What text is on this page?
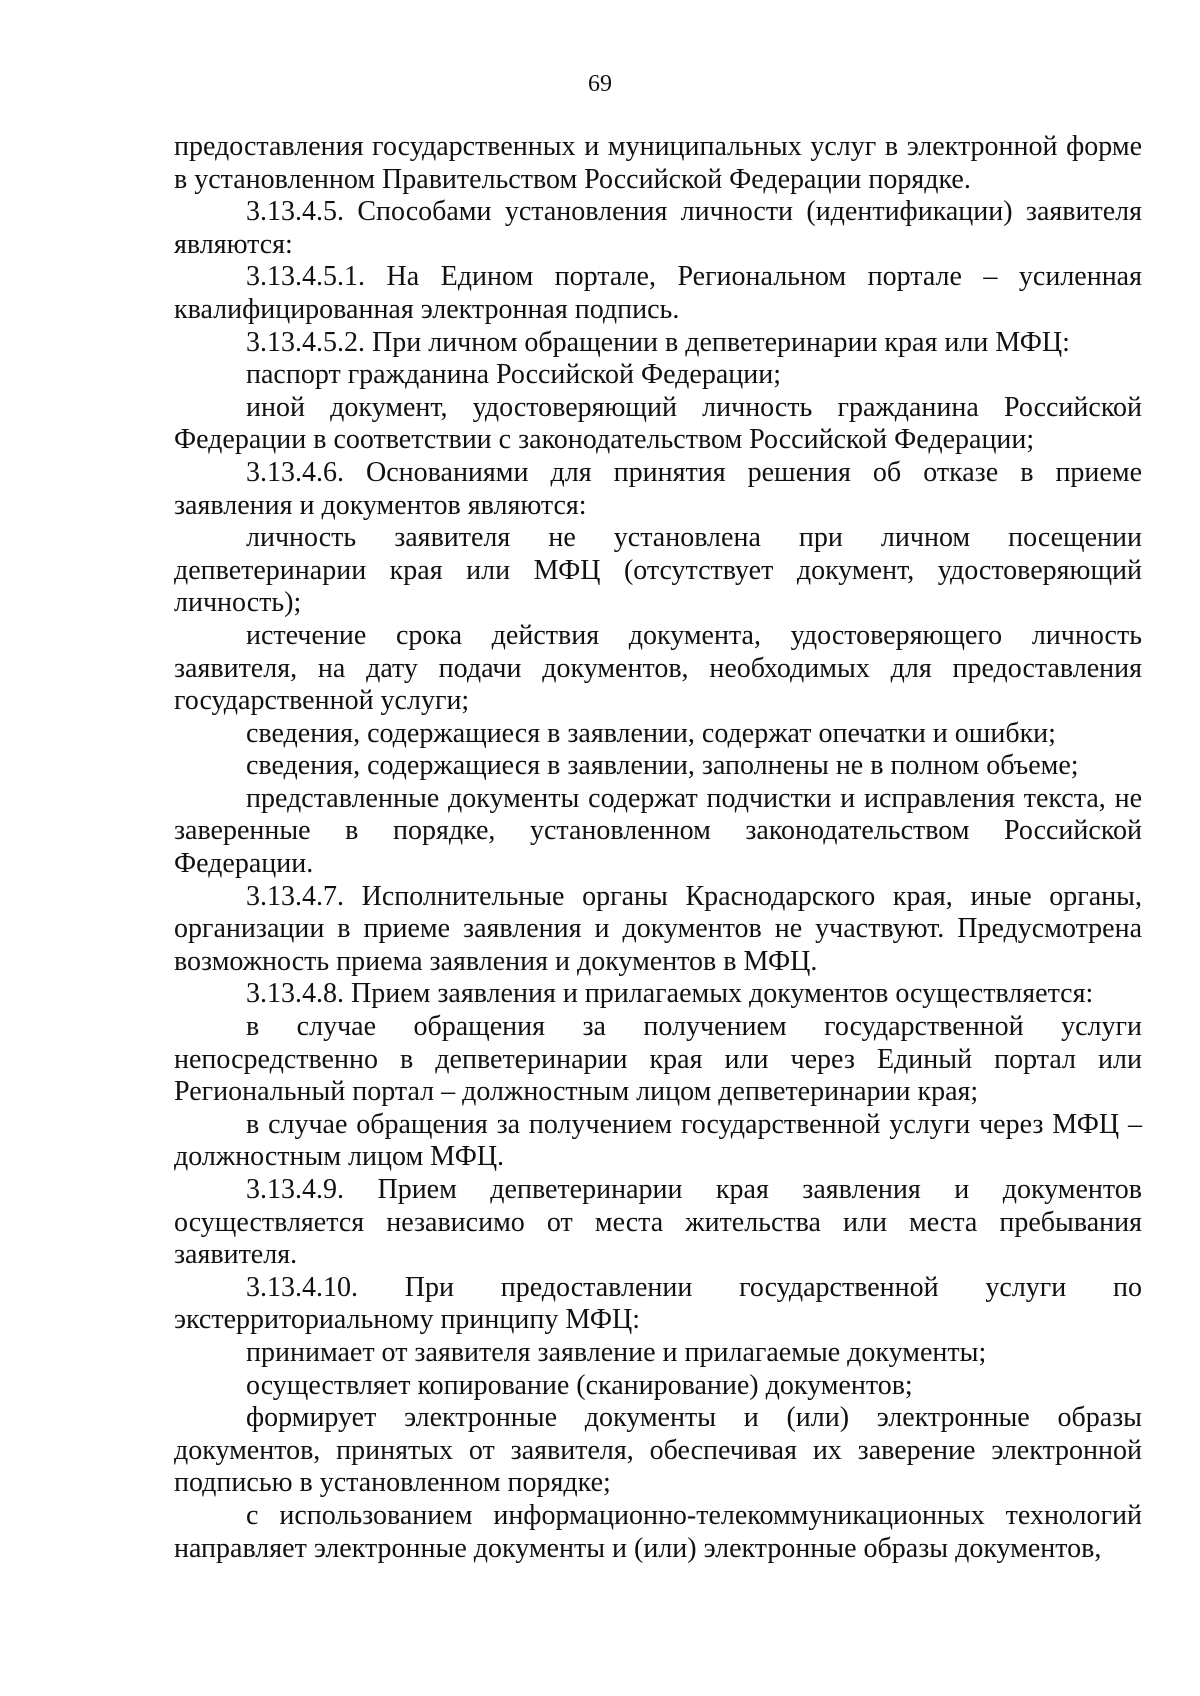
69

предоставления государственных и муниципальных услуг в электронной форме в установленном Правительством Российской Федерации порядке.

3.13.4.5. Способами установления личности (идентификации) заявителя являются:

3.13.4.5.1. На Едином портале, Региональном портале – усиленная квалифицированная электронная подпись.

3.13.4.5.2. При личном обращении в депветеринарии края или МФЦ:

паспорт гражданина Российской Федерации;

иной документ, удостоверяющий личность гражданина Российской Федерации в соответствии с законодательством Российской Федерации;

3.13.4.6. Основаниями для принятия решения об отказе в приеме заявления и документов являются:

личность заявителя не установлена при личном посещении депветеринарии края или МФЦ (отсутствует документ, удостоверяющий личность);

истечение срока действия документа, удостоверяющего личность заявителя, на дату подачи документов, необходимых для предоставления государственной услуги;

сведения, содержащиеся в заявлении, содержат опечатки и ошибки;

сведения, содержащиеся в заявлении, заполнены не в полном объеме;

представленные документы содержат подчистки и исправления текста, не заверенные в порядке, установленном законодательством Российской Федерации.

3.13.4.7. Исполнительные органы Краснодарского края, иные органы, организации в приеме заявления и документов не участвуют. Предусмотрена возможность приема заявления и документов в МФЦ.

3.13.4.8. Прием заявления и прилагаемых документов осуществляется:

в случае обращения за получением государственной услуги непосредственно в депветеринарии края или через Единый портал или Региональный портал – должностным лицом депветеринарии края;

в случае обращения за получением государственной услуги через МФЦ – должностным лицом МФЦ.

3.13.4.9. Прием депветеринарии края заявления и документов осуществляется независимо от места жительства или места пребывания заявителя.

3.13.4.10. При предоставлении государственной услуги по экстерриториальному принципу МФЦ:

принимает от заявителя заявление и прилагаемые документы;

осуществляет копирование (сканирование) документов;

формирует электронные документы и (или) электронные образы документов, принятых от заявителя, обеспечивая их заверение электронной подписью в установленном порядке;

с использованием информационно-телекоммуникационных технологий направляет электронные документы и (или) электронные образы документов,
